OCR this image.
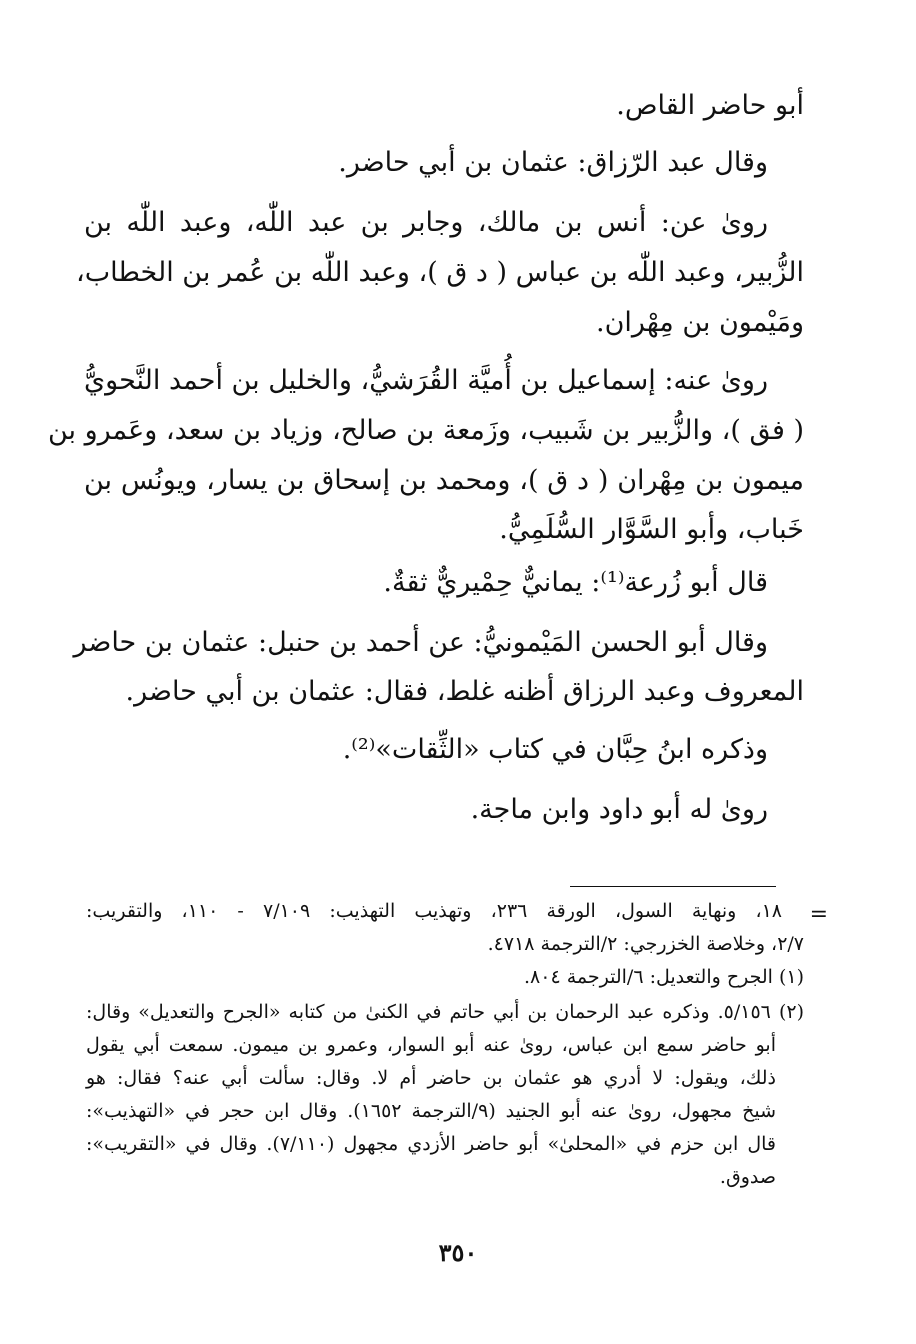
أبو حاضر القاص.
وقال عبد الرّزاق: عثمان بن أبي حاضر.
روىٰ عن: أنس بن مالك، وجابر بن عبد اللّٰه، وعبد اللّٰه بن
الزُّبير، وعبد اللّٰه بن عباس ( د ق )، وعبد اللّٰه بن عُمر بن الخطاب،
ومَيْمون بن مِهْران.
روىٰ عنه: إسماعيل بن أُميَّة القُرَشيُّ، والخليل بن أحمد النَّحويُّ
( فق )، والزُّبير بن شَبيب، وزَمعة بن صالح، وزياد بن سعد، وعَمرو بن
ميمون بن مِهْران ( د ق )، ومحمد بن إسحاق بن يسار، ويونُس بن
خَباب، وأبو السَّوَّار السُّلَمِيُّ.
قال أبو زُرعة⁽¹⁾: يمانيٌّ حِمْيريٌّ ثقةٌ.
وقال أبو الحسن المَيْمونيُّ: عن أحمد بن حنبل: عثمان بن حاضر
المعروف وعبد الرزاق أظنه غلط، فقال: عثمان بن أبي حاضر.
وذكره ابنُ حِبَّان في كتاب «الثِّقات»⁽²⁾.
روىٰ له أبو داود وابن ماجة.
=
١٨، ونهاية السول، الورقة ٢٣٦، وتهذيب التهذيب: ٧/١٠٩ - ١١٠، والتقريب:
٢/٧، وخلاصة الخزرجي: ٢/الترجمة ٤٧١٨.
(١) الجرح والتعديل: ٦/الترجمة ٨٠٤.
(٢) ٥/١٥٦. وذكره عبد الرحمان بن أبي حاتم في الكنىٰ من كتابه «الجرح والتعديل» وقال:
أبو حاضر سمع ابن عباس، روىٰ عنه أبو السوار، وعمرو بن ميمون. سمعت أبي يقول
ذلك، ويقول: لا أدري هو عثمان بن حاضر أم لا. وقال: سألت أبي عنه؟ فقال: هو
شيخ مجهول، روىٰ عنه أبو الجنيد (٩/الترجمة ١٦٥٢). وقال ابن حجر في «التهذيب»:
قال ابن حزم في «المحلىٰ» أبو حاضر الأزدي مجهول (٧/١١٠). وقال في «التقريب»:
صدوق.
٣٥٠
